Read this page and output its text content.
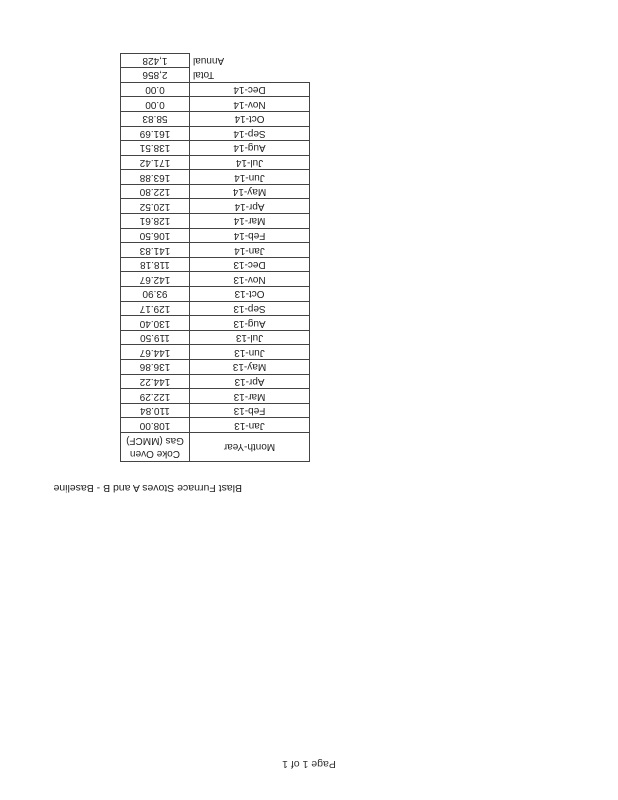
Page 1 of 1
Blast Furnace Stoves A and B - Baseline
Month-Year	Coke Oven
Gas (MMCF)

Jan-13	108.00
Feb-13	110.84
Mar-13	122.29
Apr-13	144.22
May-13	136.86
Jun-13	144.67
Jul-13	119.50
Aug-13	130.40
Sep-13	129.17
Oct-13	93.90
Nov-13	142.67
Dec-13	118.18
Jan-14	141.83
Feb-14	106.50
Mar-14	128.61
Apr-14	120.52
May-14	122.80
Jun-14	163.88
Jul-14	171.42
Aug-14	138.51
Sep-14	161.69
Oct-14	58.83
Nov-14	0.00
Dec-14	0.00
Total	2,856
Annual	1,428
